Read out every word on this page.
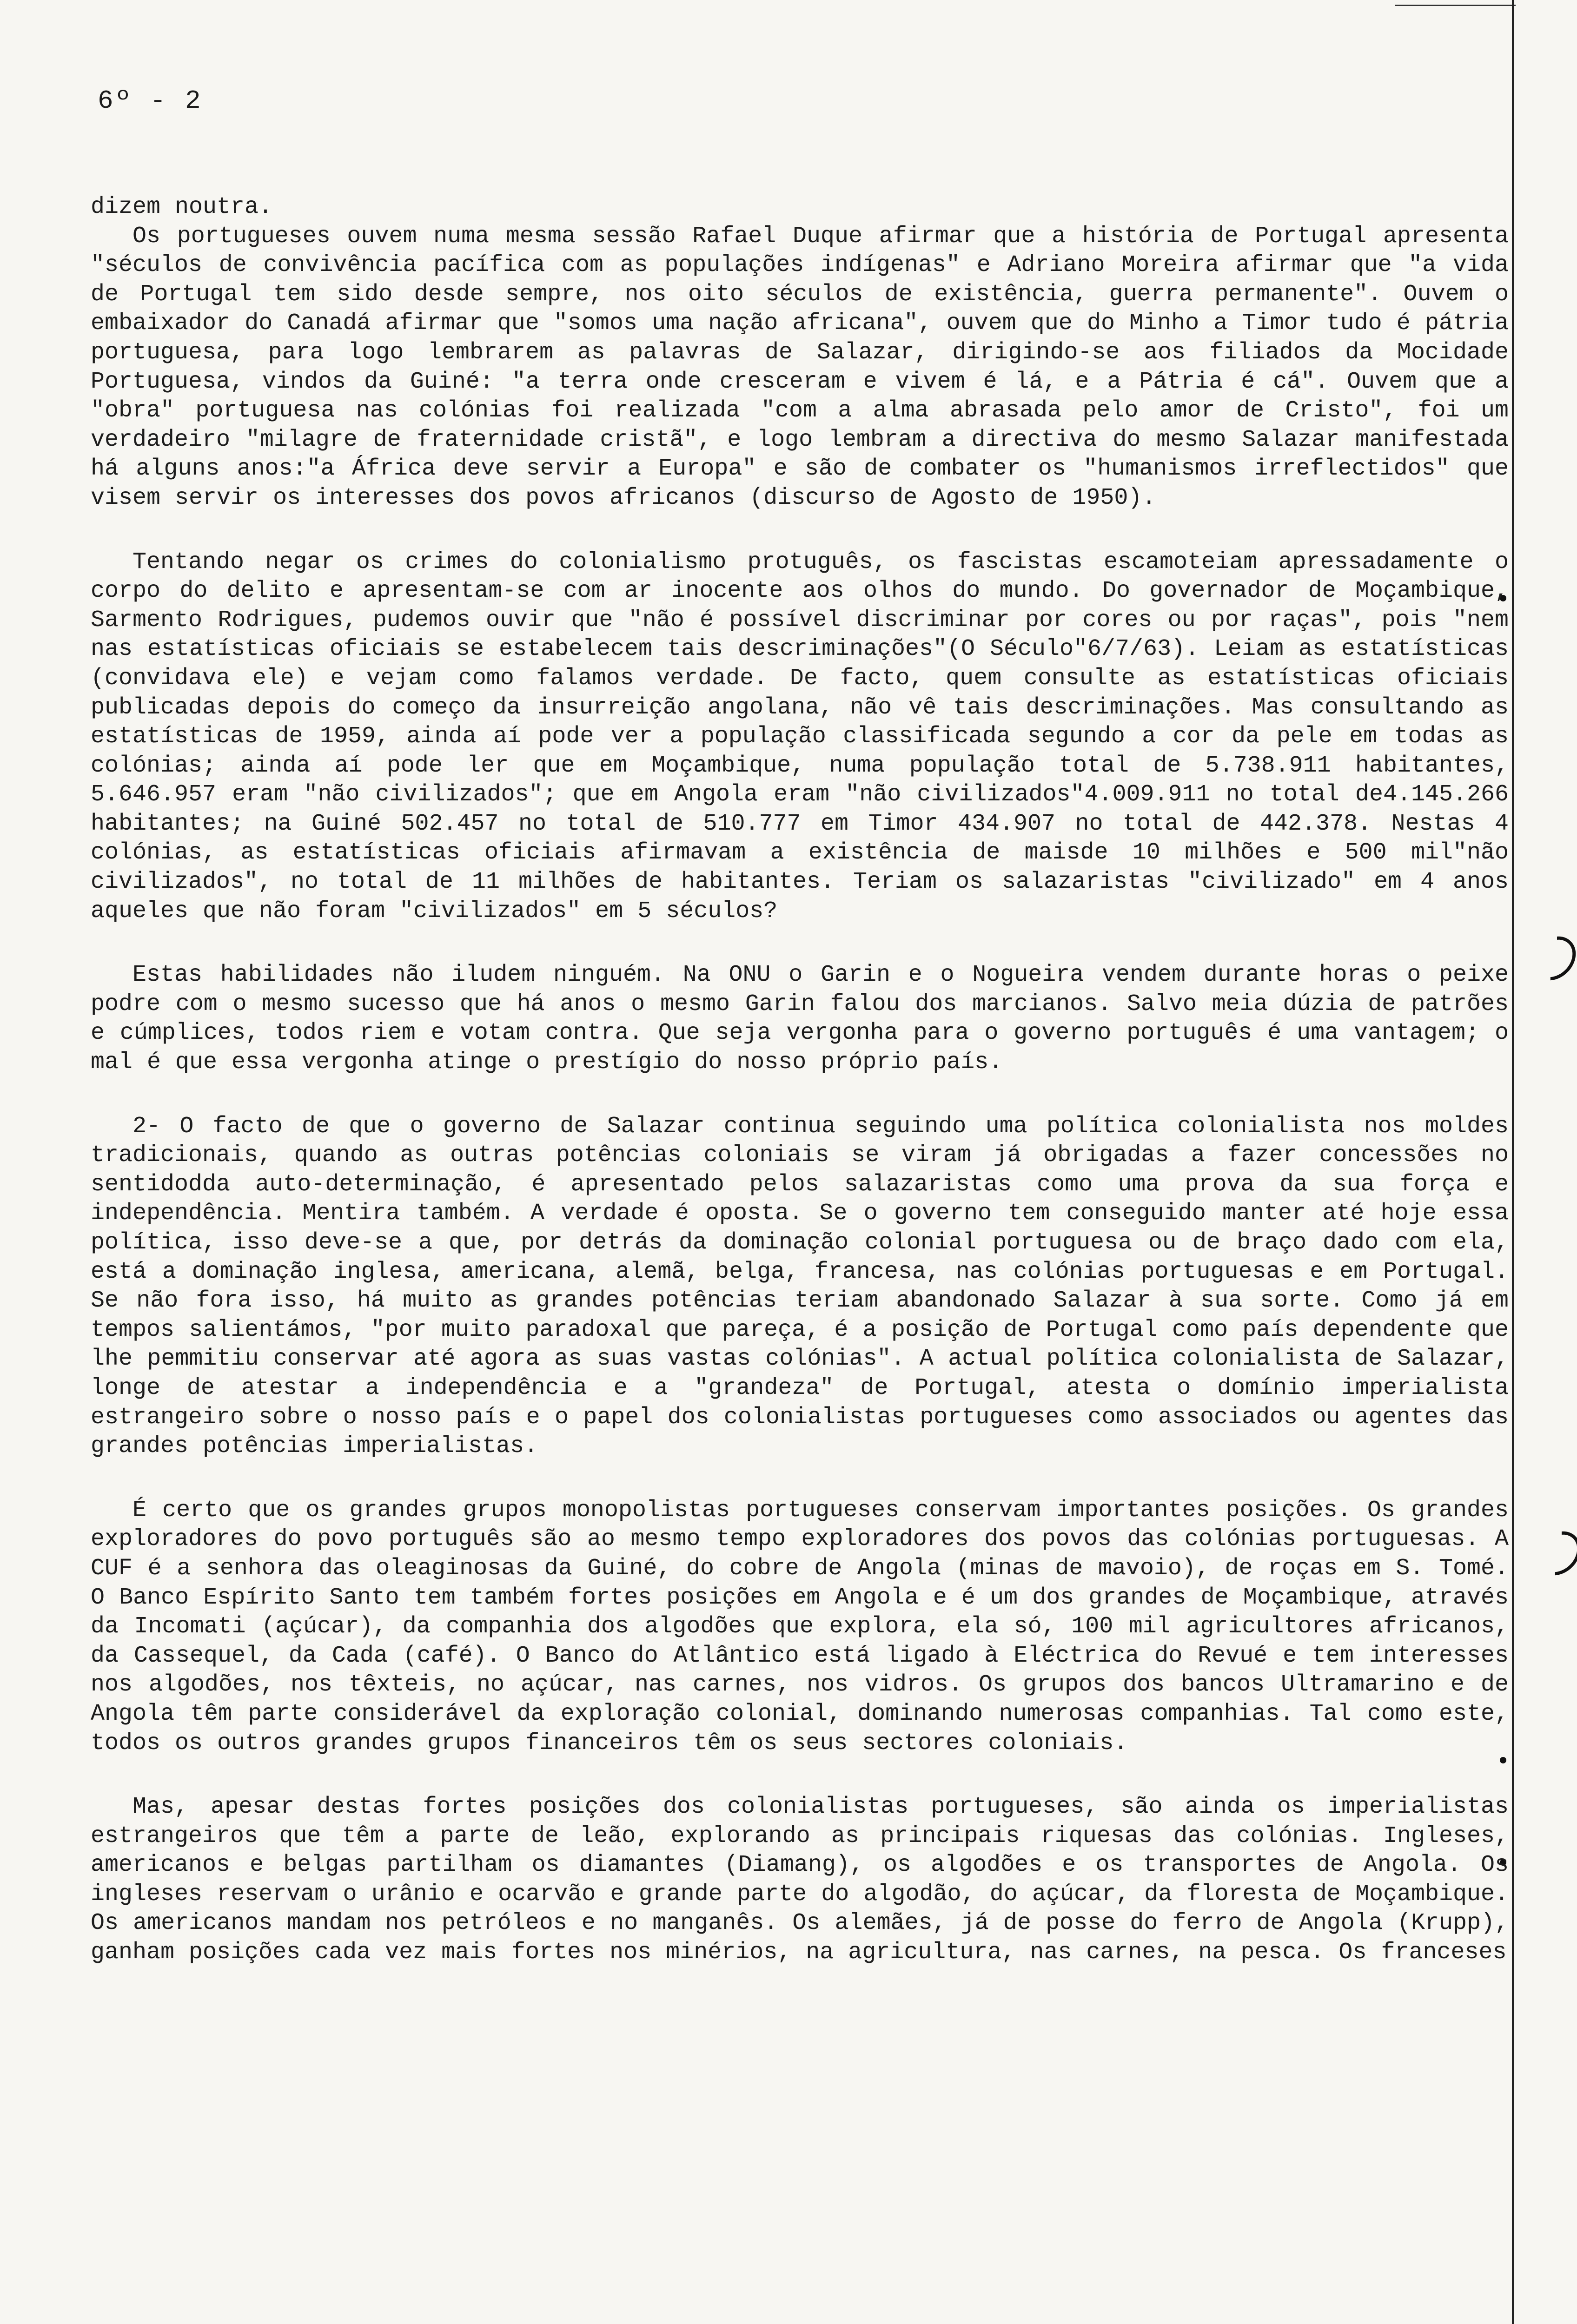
6º - 2

dizem noutra.

Os portugueses ouvem numa mesma sessão Rafael Duque afirmar que a história de Portugal apresenta "séculos de convivência pacífica com as populações indígenas" e Adriano Moreira afirmar que "a vida de Portugal tem sido desde sempre, nos oito séculos de existência, guerra permanente". Ouvem o embaixador do Canadá afirmar que "somos uma nação africana", ouvem que do Minho a Timor tudo é pátria portuguesa, para logo lembrarem as palavras de Salazar, dirigindo-se aos filiados da Mocidade Portuguesa, vindos da Guiné: "a terra onde cresceram e vivem é lá, e a Pátria é cá". Ouvem que a "obra" portuguesa nas colónias foi realizada "com a alma abrasada pelo amor de Cristo", foi um verdadeiro "milagre de fraternidade cristã", e logo lembram a directiva do mesmo Salazar manifestada há alguns anos:"a África deve servir a Europa" e são de combater os "humanismos irreflectidos" que visem servir os interesses dos povos africanos (discurso de Agosto de 1950).

Tentando negar os crimes do colonialismo protuguês, os fascistas escamoteiam apressadamente o corpo do delito e apresentam-se com ar inocente aos olhos do mundo. Do governador de Moçambique, Sarmento Rodrigues, pudemos ouvir que "não é possível discriminar por cores ou por raças", pois "nem nas estatísticas oficiais se estabelecem tais descriminações"(O Século"6/7/63). Leiam as estatísticas (convidava ele) e vejam como falamos verdade. De facto, quem consulte as estatísticas oficiais publicadas depois do começo da insurreição angolana, não vê tais descriminações. Mas consultando as estatísticas de 1959, ainda aí pode ver a população classificada segundo a cor da pele em todas as colónias; ainda aí pode ler que em Moçambique, numa população total de 5.738.911 habitantes, 5.646.957 eram "não civilizados"; que em Angola eram "não civilizados"4.009.911 no total de4.145.266 habitantes; na Guiné 502.457 no total de 510.777 em Timor 434.907 no total de 442.378. Nestas 4 colónias, as estatísticas oficiais afirmavam a existência de maisde 10 milhões e 500 mil"não civilizados", no total de 11 milhões de habitantes. Teriam os salazaristas "civilizado" em 4 anos aqueles que não foram "civilizados" em 5 séculos?

Estas habilidades não iludem ninguém. Na ONU o Garin e o Nogueira vendem durante horas o peixe podre com o mesmo sucesso que há anos o mesmo Garin falou dos marcianos. Salvo meia dúzia de patrões e cúmplices, todos riem e votam contra. Que seja vergonha para o governo português é uma vantagem; o mal é que essa vergonha atinge o prestígio do nosso próprio país.

2- O facto de que o governo de Salazar continua seguindo uma política colonialista nos moldes tradicionais, quando as outras potências coloniais se viram já obrigadas a fazer concessões no sentidodda auto-determinação, é apresentado pelos salazaristas como uma prova da sua força e independência. Mentira também. A verdade é oposta. Se o governo tem conseguido manter até hoje essa política, isso deve-se a que, por detrás da dominação colonial portuguesa ou de braço dado com ela, está a dominação inglesa, americana, alemã, belga, francesa, nas colónias portuguesas e em Portugal. Se não fora isso, há muito as grandes potências teriam abandonado Salazar à sua sorte. Como já em tempos salientámos, "por muito paradoxal que pareça, é a posição de Portugal como país dependente que lhe pemmitiu conservar até agora as suas vastas colónias". A actual política colonialista de Salazar, longe de atestar a independência e a "grandeza" de Portugal, atesta o domínio imperialista estrangeiro sobre o nosso país e o papel dos colonialistas portugueses como associados ou agentes das grandes potências imperialistas.

É certo que os grandes grupos monopolistas portugueses conservam importantes posições. Os grandes exploradores do povo português são ao mesmo tempo exploradores dos povos das colónias portuguesas. A CUF é a senhora das oleaginosas da Guiné, do cobre de Angola (minas de mavoio), de roças em S. Tomé. O Banco Espírito Santo tem também fortes posições em Angola e é um dos grandes de Moçambique, através da Incomati (açúcar), da companhia dos algodões que explora, ela só, 100 mil agricultores africanos, da Cassequel, da Cada (café). O Banco do Atlântico está ligado à Eléctrica do Revué e tem interesses nos algodões, nos têxteis, no açúcar, nas carnes, nos vidros. Os grupos dos bancos Ultramarino e de Angola têm parte considerável da exploração colonial, dominando numerosas companhias. Tal como este, todos os outros grandes grupos financeiros têm os seus sectores coloniais.

Mas, apesar destas fortes posições dos colonialistas portugueses, são ainda os imperialistas estrangeiros que têm a parte de leão, explorando as principais riquesas das colónias. Ingleses, americanos e belgas partilham os diamantes (Diamang), os algodões e os transportes de Angola. Os ingleses reservam o urânio e ocarvão e grande parte do algodão, do açúcar, da floresta de Moçambique. Os americanos mandam nos petróleos e no manganês. Os alemães, já de posse do ferro de Angola (Krupp), ganham posições cada vez mais fortes nos minérios, na agricultura, nas carnes, na pesca. Os franceses
